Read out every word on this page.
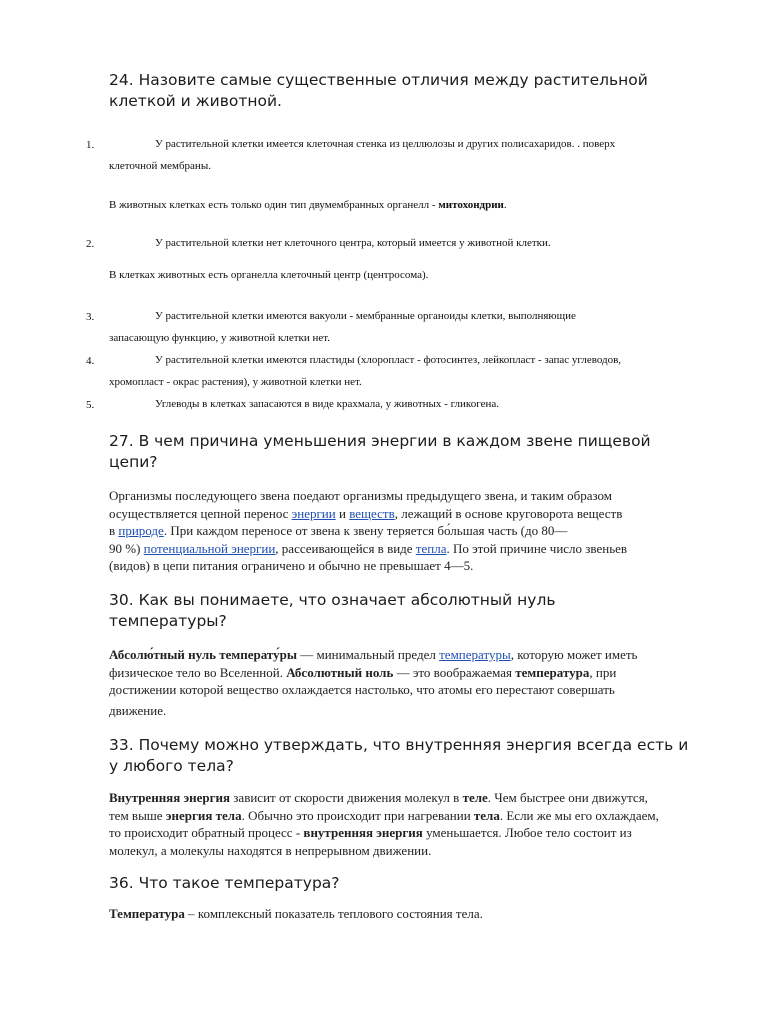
24. Назовите самые существенные отличия между растительной
клеткой и животной.
1.	У растительной клетки имеется клеточная стенка из целлюлозы и других полисахаридов. . поверх
клеточной мембраны.
В животных клетках есть только один тип двумембранных органелл - митохондрии.
2.	У растительной клетки нет клеточного центра, который имеется у животной клетки.
В клетках животных есть органелла клеточный центр (центросома).
3.	У растительной клетки имеются вакуоли - мембранные органоиды клетки, выполняющие
запасающую функцию, у животной клетки нет.
4.	У растительной клетки имеются пластиды (хлоропласт - фотосинтез, лейкопласт - запас углеводов,
хромопласт - окрас растения), у животной клетки нет.
5.	Углеводы в клетках запасаются в виде крахмала, у животных - гликогена.
27. В чем причина уменьшения энергии в каждом звене пищевой
цепи?
Организмы последующего звена поедают организмы предыдущего звена, и таким образом
осуществляется цепной перенос энергии и веществ, лежащий в основе круговорота веществ
в природе. При каждом переносе от звена к звену теряется бо́льшая часть (до 80—
90 %) потенциальной энергии, рассеивающейся в виде тепла. По этой причине число звеньев
(видов) в цепи питания ограничено и обычно не превышает 4—5.
30. Как вы понимаете, что означает абсолютный нуль
температуры?
Абсолю́тный нуль температу́ры — минимальный предел температуры, которую может иметь
физическое тело во Вселенной. Абсолютный ноль — это воображаемая температура, при
достижении которой вещество охлаждается настолько, что атомы его перестают совершать
движение.
33. Почему можно утверждать, что внутренняя энергия всегда есть и
у любого тела?
Внутренняя энергия зависит от скорости движения молекул в теле. Чем быстрее они движутся,
тем выше энергия тела. Обычно это происходит при нагревании тела. Если же мы его охлаждаем,
то происходит обратный процесс - внутренняя энергия уменьшается. Любое тело состоит из
молекул, а молекулы находятся в непрерывном движении.
36. Что такое температура?
Температура – комплексный показатель теплового состояния тела.
